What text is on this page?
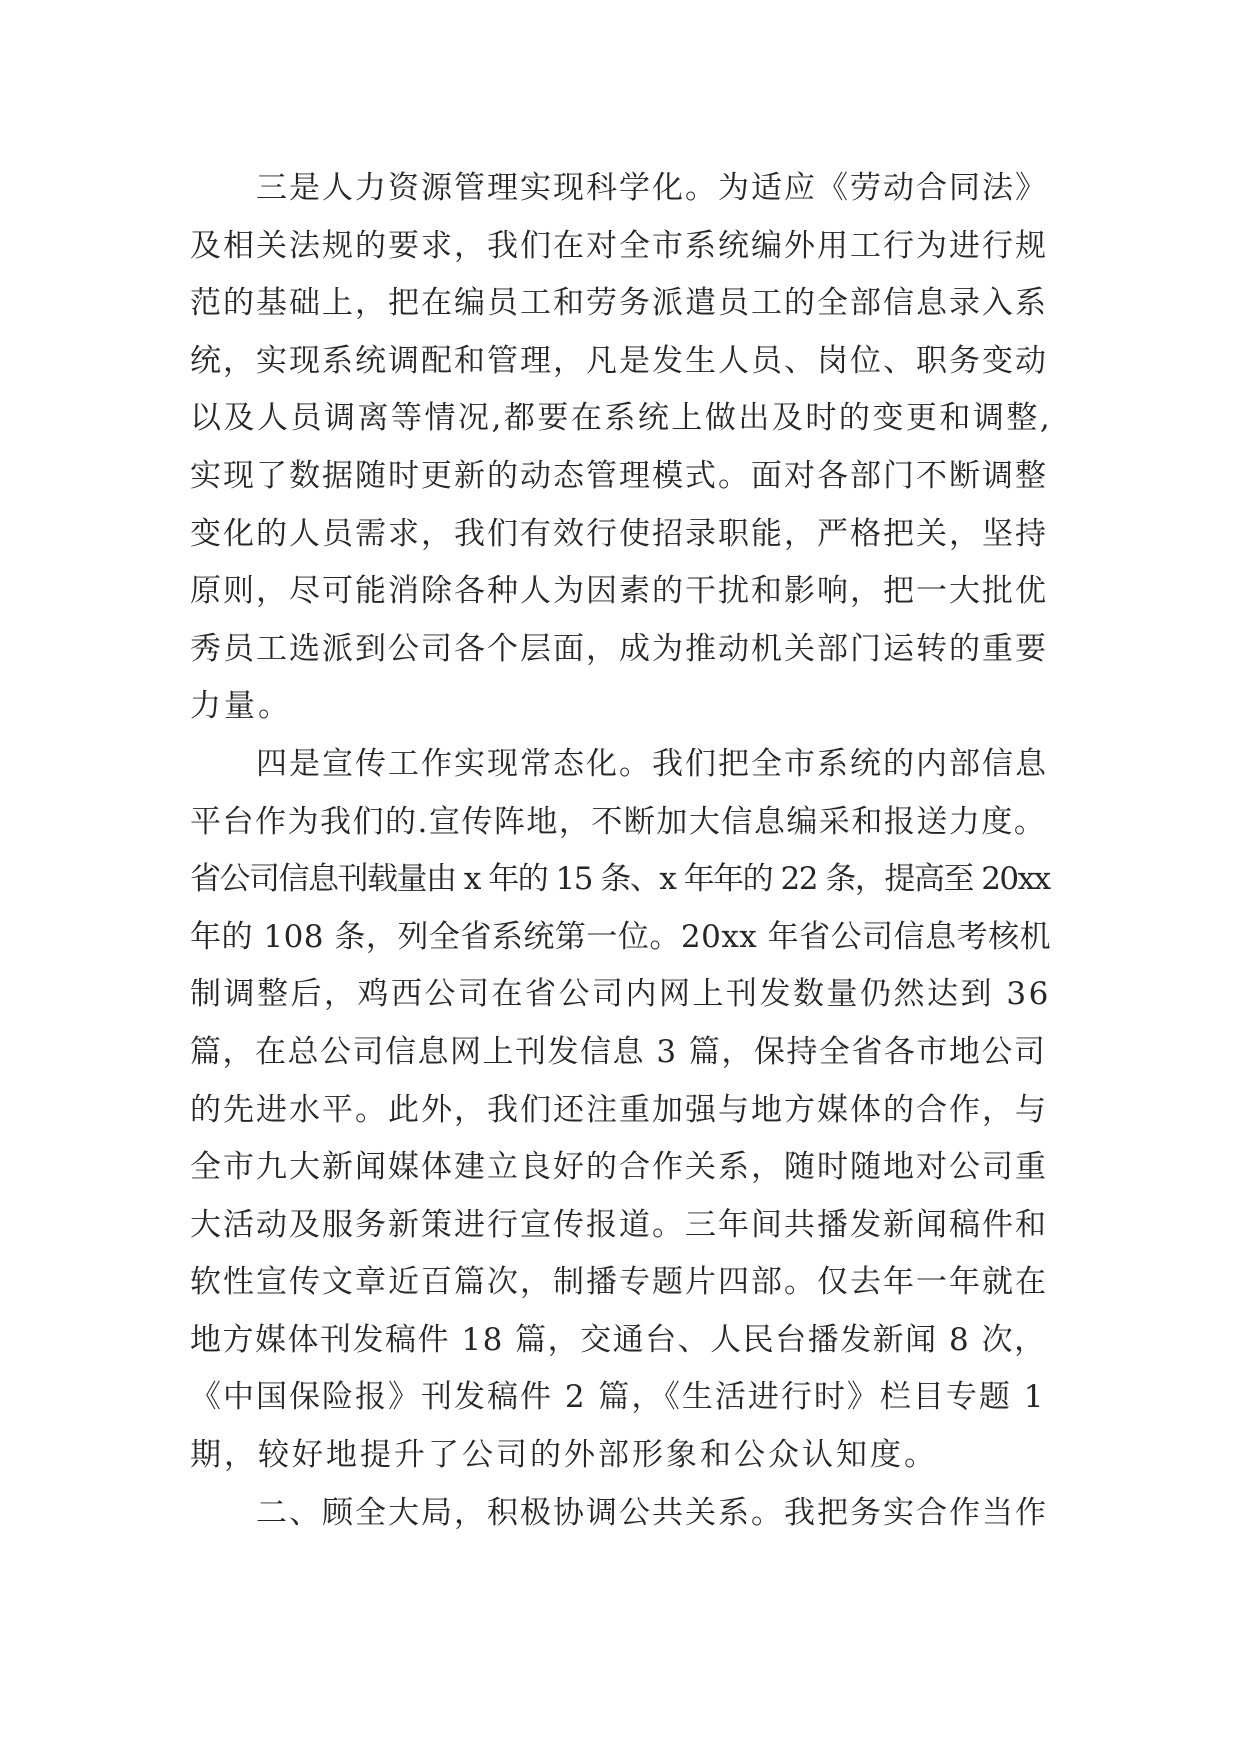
三是人力资源管理实现科学化。为适应《劳动合同法》
及相关法规的要求，我们在对全市系统编外用工行为进行规
范的基础上，把在编员工和劳务派遣员工的全部信息录入系
统，实现系统调配和管理，凡是发生人员、岗位、职务变动
以及人员调离等情况,都要在系统上做出及时的变更和调整,
实现了数据随时更新的动态管理模式。面对各部门不断调整
变化的人员需求，我们有效行使招录职能，严格把关，坚持
原则，尽可能消除各种人为因素的干扰和影响，把一大批优
秀员工选派到公司各个层面，成为推动机关部门运转的重要
力量。
四是宣传工作实现常态化。我们把全市系统的内部信息
平台作为我们的.宣传阵地，不断加大信息编采和报送力度。
省公司信息刊载量由 x 年的 15 条、x 年年的 22 条，提高至 20xx
年的 108 条，列全省系统第一位。20xx 年省公司信息考核机
制调整后，鸡西公司在省公司内网上刊发数量仍然达到 36
篇，在总公司信息网上刊发信息 3 篇，保持全省各市地公司
的先进水平。此外，我们还注重加强与地方媒体的合作，与
全市九大新闻媒体建立良好的合作关系，随时随地对公司重
大活动及服务新策进行宣传报道。三年间共播发新闻稿件和
软性宣传文章近百篇次，制播专题片四部。仅去年一年就在
地方媒体刊发稿件 18 篇，交通台、人民台播发新闻 8 次，
《中国保险报》刊发稿件 2 篇，《生活进行时》栏目专题 1
期，较好地提升了公司的外部形象和公众认知度。
二、顾全大局，积极协调公共关系。我把务实合作当作
